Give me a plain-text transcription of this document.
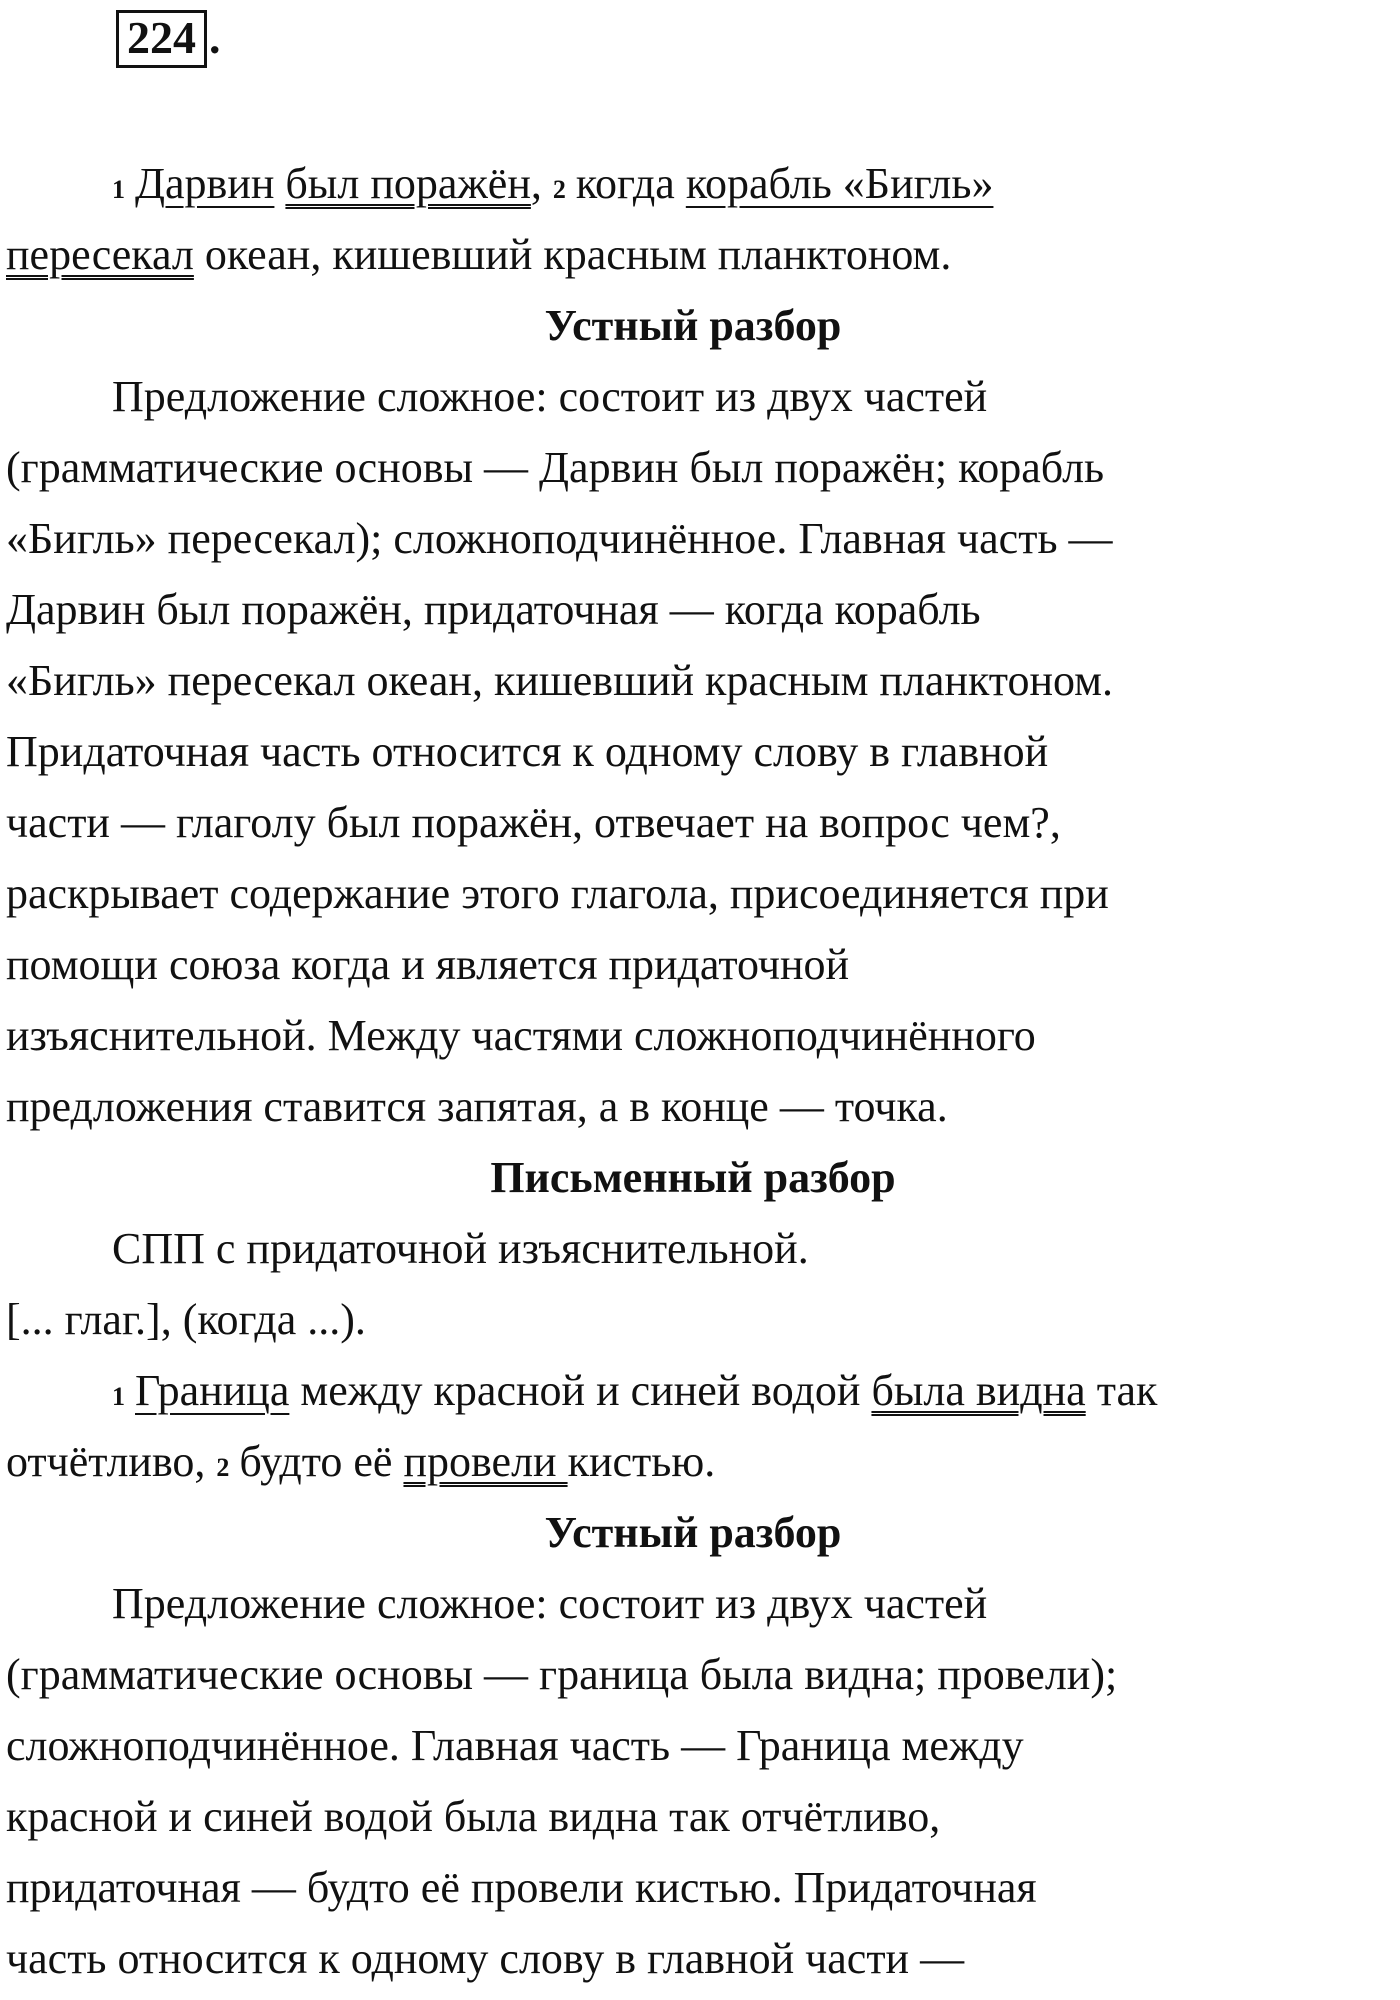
224 .
1 Дарвин был поражён, 2 когда корабль «Бигль»
пересекал океан, кишевший красным планктоном.
Устный разбор
Предложение сложное: состоит из двух частей
(грамматические основы — Дарвин был поражён; корабль
«Бигль» пересекал); сложноподчинённое. Главная часть —
Дарвин был поражён, придаточная — когда корабль
«Бигль» пересекал океан, кишевший красным планктоном.
Придаточная часть относится к одному слову в главной
части — глаголу был поражён, отвечает на вопрос чем?,
раскрывает содержание этого глагола, присоединяется при
помощи союза когда и является придаточной
изъяснительной. Между частями сложноподчинённого
предложения ставится запятая, а в конце — точка.
Письменный разбор
СПП с придаточной изъяснительной.
[... глаг.], (когда ...).
1 Граница между красной и синей водой была видна так
отчётливо, 2 будто её провели кистью.
Устный разбор
Предложение сложное: состоит из двух частей
(грамматические основы — граница была видна; провели);
сложноподчинённое. Главная часть — Граница между
красной и синей водой была видна так отчётливо,
придаточная — будто её провели кистью. Придаточная
часть относится к одному слову в главной части —
